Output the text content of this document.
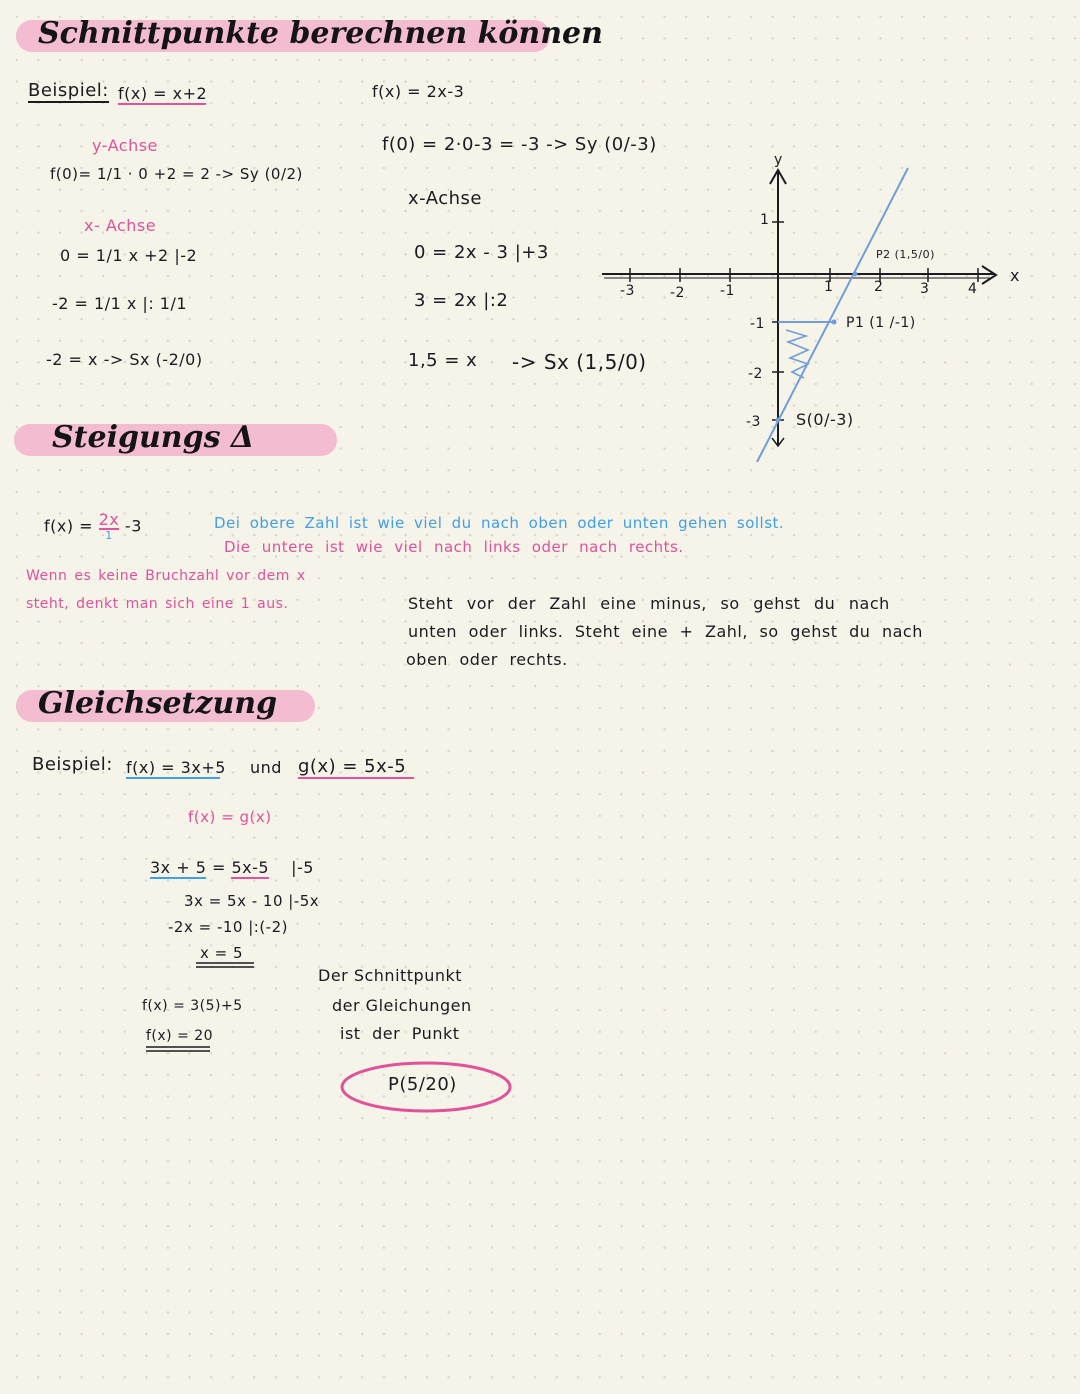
Schnittpunkte berechnen können
Beispiel: f(x) = x+2
y-Achse
f(0)= 1/1 · 0 +2 = 2 -> Sy (0/2)
x- Achse
0 = 1/1 x +2 |-2
-2 = 1/1 x |: 1/1
-2 = x -> Sx (-2/0)
f(x) = 2x-3
f(0) = 2·0-3 = -3 -> Sy (0/-3)
x-Achse
0 = 2x - 3 |+3
3 = 2x |:2
1,5 = x -> Sx (1,5/0)
y
x
-3	-2	-1	1	2	3	4
1
-1
-2
-3
P2 (1,5/0)
P1 (1 /-1)
S(0/-3)
Steigungs Δ
f(x) = 2x
1 -3	Dei obere Zahl ist wie viel du nach oben oder unten gehen sollst.
Die untere ist wie viel nach links oder nach rechts.
Wenn es keine Bruchzahl vor dem x
steht, denkt man sich eine 1 aus.	Steht vor der Zahl eine minus, so gehst du nach
unten oder links. Steht eine + Zahl, so gehst du nach
oben oder rechts.
Gleichsetzung
Beispiel: f(x) = 3x+5 und g(x) = 5x-5
f(x) = g(x)
3x + 5 = 5x-5 |-5
3x = 5x - 10 |-5x
-2x = -10 |:(-2)
x = 5
f(x) = 3(5)+5
f(x) = 20
Der Schnittpunkt
der Gleichungen
ist der Punkt
P(5/20)
